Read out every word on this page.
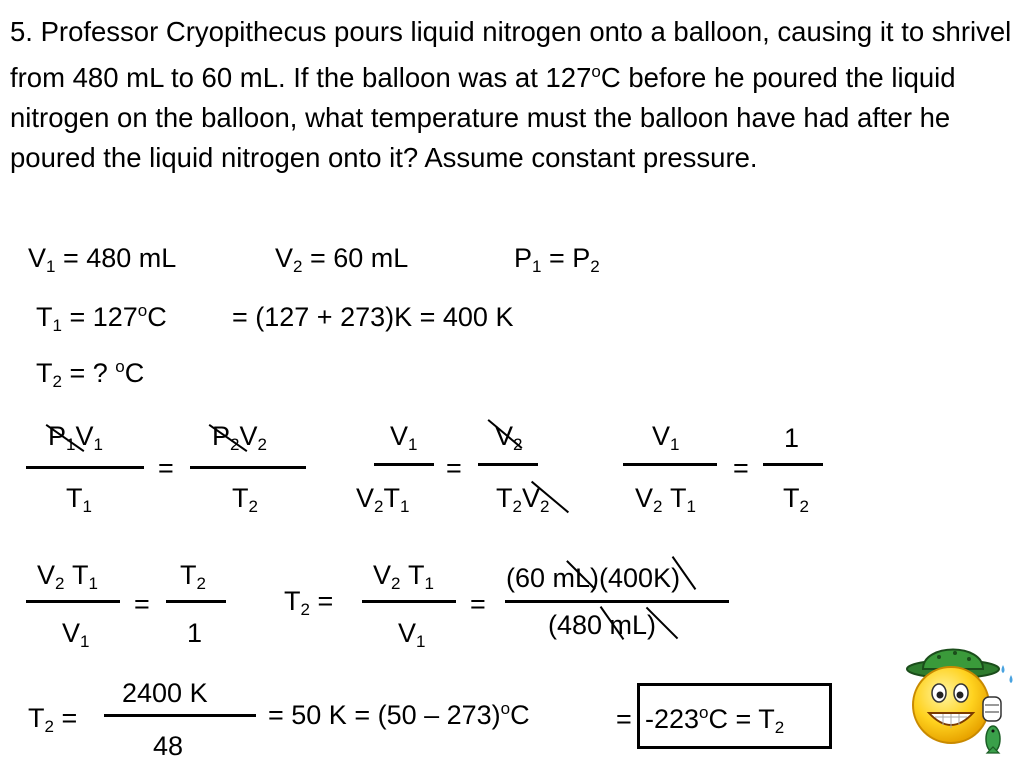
5. Professor Cryopithecus pours liquid nitrogen onto a balloon, causing it to shrivel from 480 mL to 60 mL. If the balloon was at 127$^o$C before he poured the liquid nitrogen on the balloon, what temperature must the balloon have had after he poured the liquid nitrogen onto it? Assume constant pressure.

$V_1 = 480$ mL	$V_2 = 60$ mL	$P_1 = P_2$
$T_1 = 127^oC = (127 + 273)K = 400$ K
$T_2$ = ? $^o$C
$P_1V_1$
$T_1$
=
$P_2V_2$
$T_2$
$V_1$
$V_2T_1$
=
$V_2$
$T_2V_2$
$V_1$
$V_2$ $T_1$
=
1
$T_2$
$V_2$ $T_1$
$V_1$
=
$T_2$
1
$T_2$ =
$V_2$ $T_1$
$V_1$
=
(60 mL)(400K)
(480 mL)
$T_2$ =
2400 K
48
= 50 K = (50 – 273)$^o$C	= $-223^oC = T_2$
